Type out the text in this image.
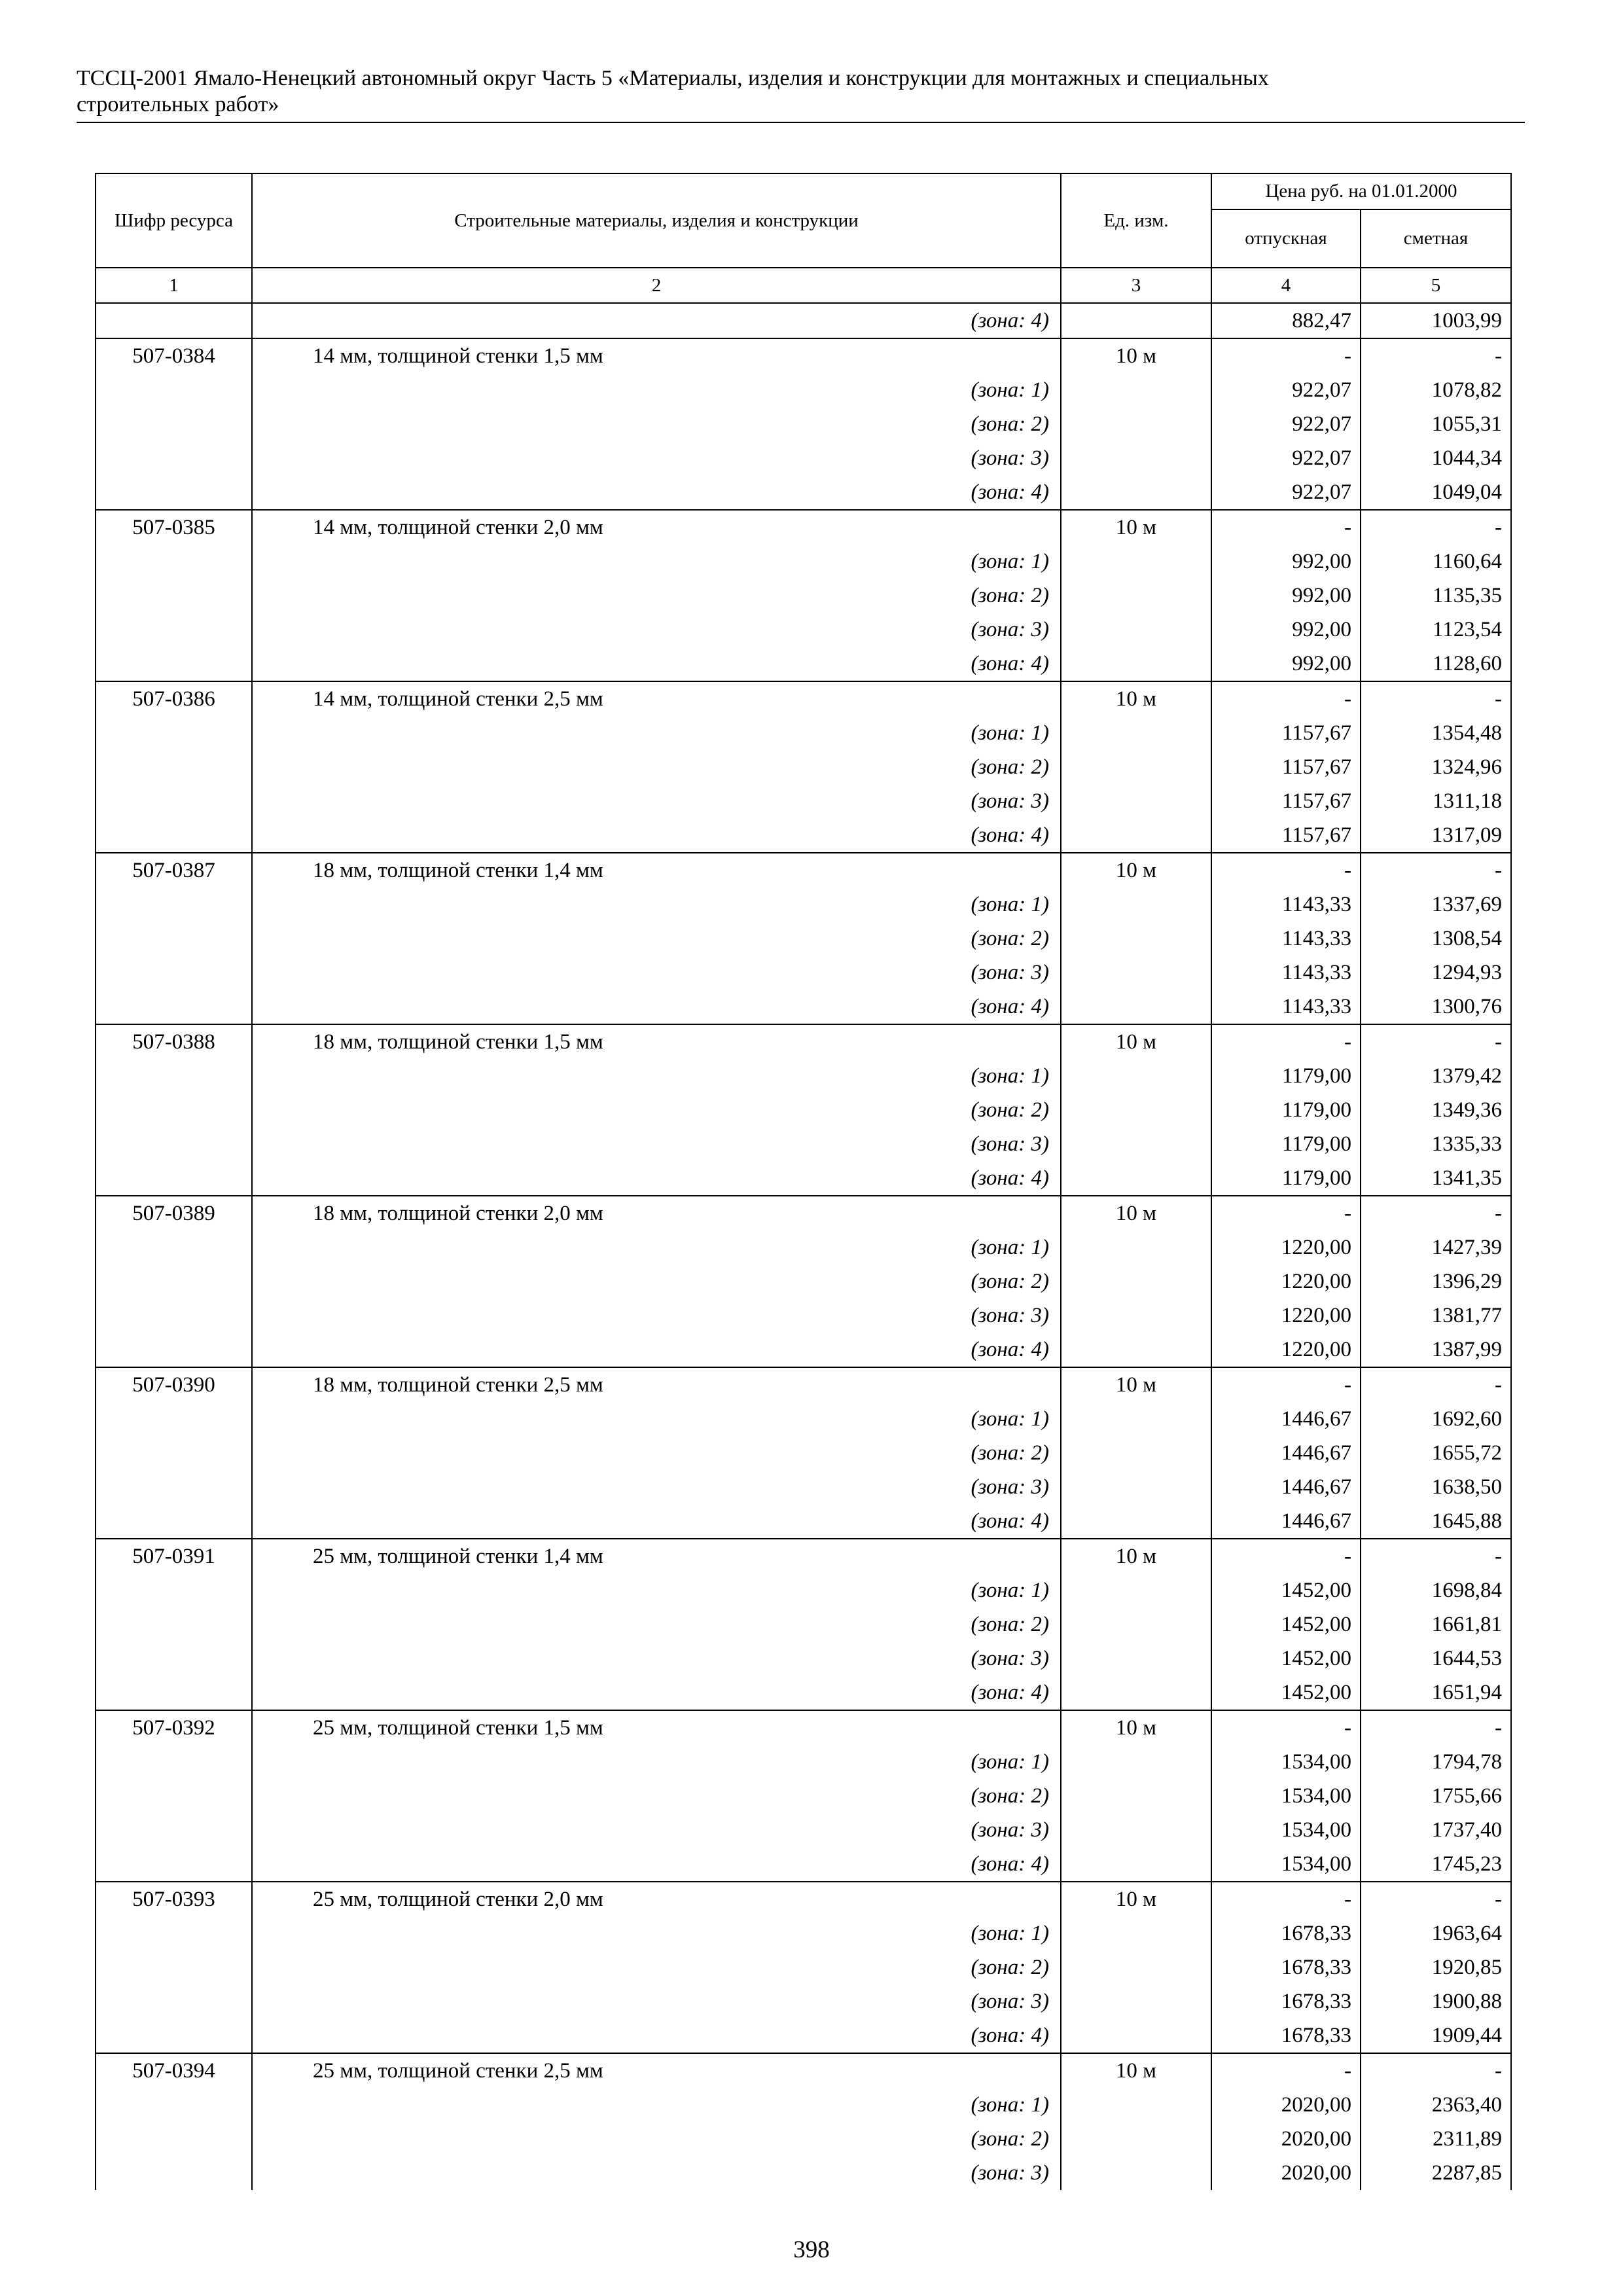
ТССЦ-2001 Ямало-Ненецкий автономный округ Часть 5 «Материалы, изделия и конструкции для монтажных и специальных
строительных работ»
Шифр ресурса	Строительные материалы, изделия и конструкции	Ед. изм.	Цена руб. на 01.01.2000	
			отпускная	сметная
1	2	3	4	5
	(зона: 4)		882,47	1003,99
507-0384	14 мм, толщиной стенки 1,5 мм	10 м	-	-
	(зона: 1)		922,07	1078,82
	(зона: 2)		922,07	1055,31
	(зона: 3)		922,07	1044,34
	(зона: 4)		922,07	1049,04
507-0385	14 мм, толщиной стенки 2,0 мм	10 м	-	-
	(зона: 1)		992,00	1160,64
	(зона: 2)		992,00	1135,35
	(зона: 3)		992,00	1123,54
	(зона: 4)		992,00	1128,60
507-0386	14 мм, толщиной стенки 2,5 мм	10 м	-	-
	(зона: 1)		1157,67	1354,48
	(зона: 2)		1157,67	1324,96
	(зона: 3)		1157,67	1311,18
	(зона: 4)		1157,67	1317,09
507-0387	18 мм, толщиной стенки 1,4 мм	10 м	-	-
	(зона: 1)		1143,33	1337,69
	(зона: 2)		1143,33	1308,54
	(зона: 3)		1143,33	1294,93
	(зона: 4)		1143,33	1300,76
507-0388	18 мм, толщиной стенки 1,5 мм	10 м	-	-
	(зона: 1)		1179,00	1379,42
	(зона: 2)		1179,00	1349,36
	(зона: 3)		1179,00	1335,33
	(зона: 4)		1179,00	1341,35
507-0389	18 мм, толщиной стенки 2,0 мм	10 м	-	-
	(зона: 1)		1220,00	1427,39
	(зона: 2)		1220,00	1396,29
	(зона: 3)		1220,00	1381,77
	(зона: 4)		1220,00	1387,99
507-0390	18 мм, толщиной стенки 2,5 мм	10 м	-	-
	(зона: 1)		1446,67	1692,60
	(зона: 2)		1446,67	1655,72
	(зона: 3)		1446,67	1638,50
	(зона: 4)		1446,67	1645,88
507-0391	25 мм, толщиной стенки 1,4 мм	10 м	-	-
	(зона: 1)		1452,00	1698,84
	(зона: 2)		1452,00	1661,81
	(зона: 3)		1452,00	1644,53
	(зона: 4)		1452,00	1651,94
507-0392	25 мм, толщиной стенки 1,5 мм	10 м	-	-
	(зона: 1)		1534,00	1794,78
	(зона: 2)		1534,00	1755,66
	(зона: 3)		1534,00	1737,40
	(зона: 4)		1534,00	1745,23
507-0393	25 мм, толщиной стенки 2,0 мм	10 м	-	-
	(зона: 1)		1678,33	1963,64
	(зона: 2)		1678,33	1920,85
	(зона: 3)		1678,33	1900,88
	(зона: 4)		1678,33	1909,44
507-0394	25 мм, толщиной стенки 2,5 мм	10 м	-	-
	(зона: 1)		2020,00	2363,40
	(зона: 2)		2020,00	2311,89
	(зона: 3)		2020,00	2287,85
398
